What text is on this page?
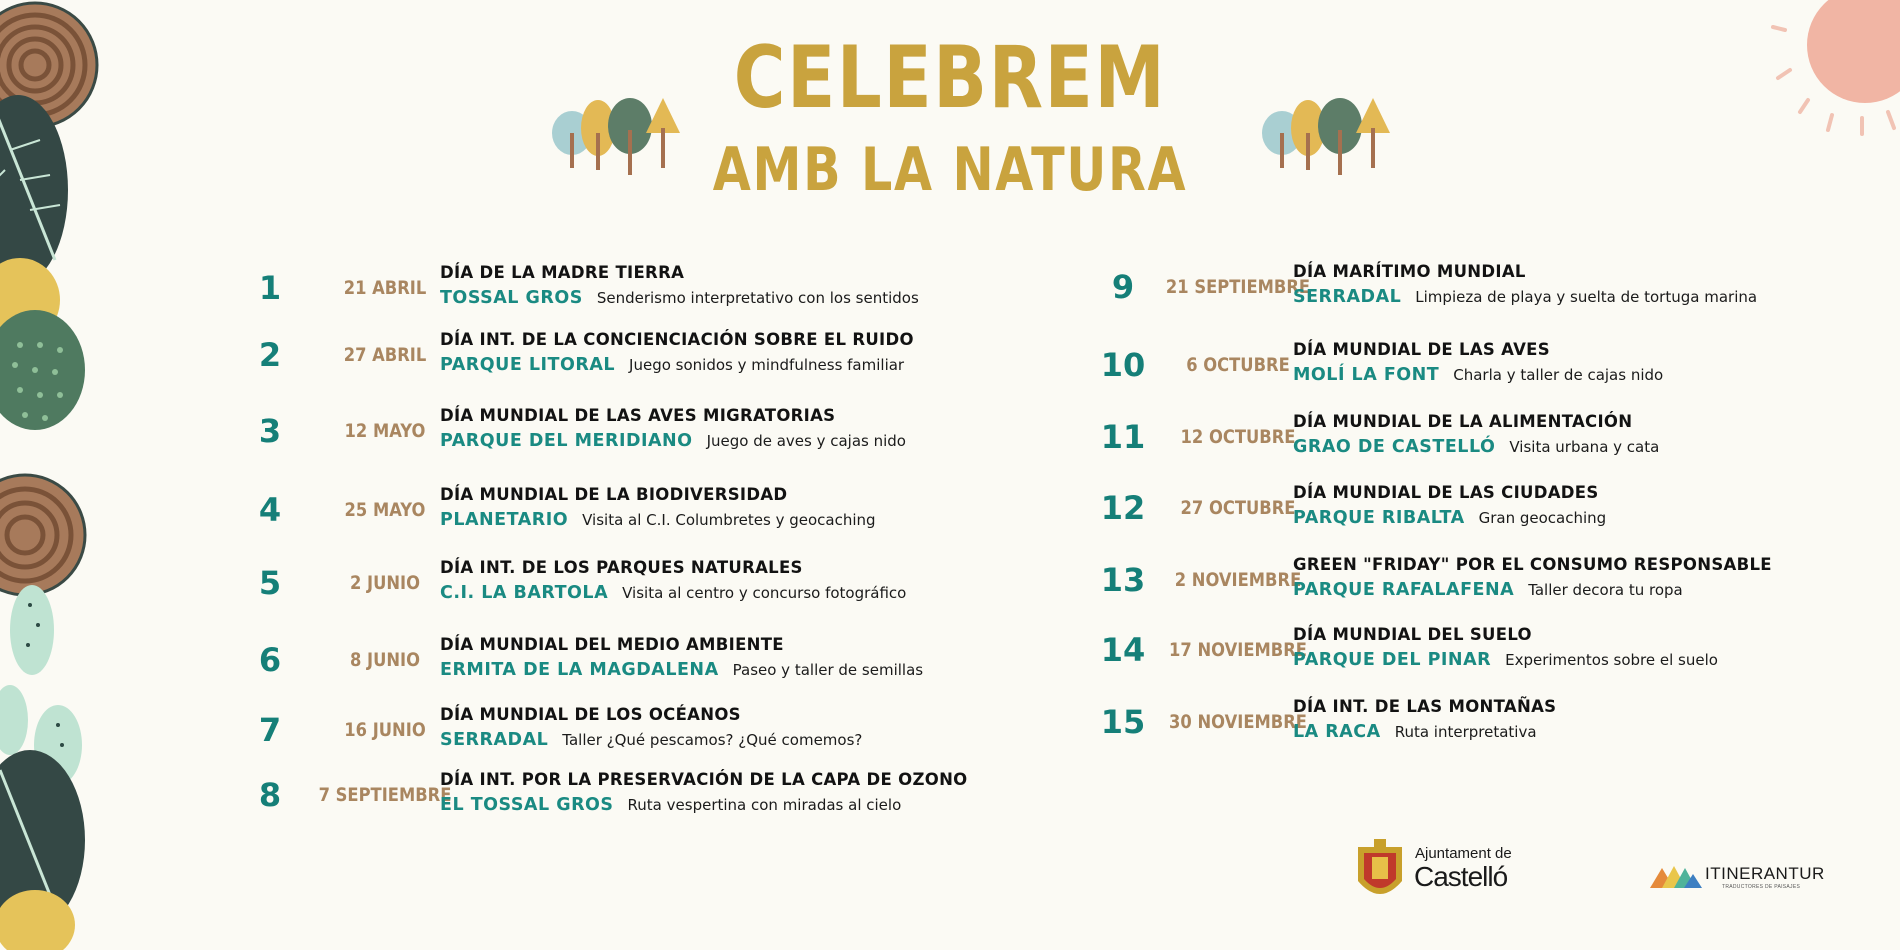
CELEBREM
AMB LA NATURA
1	21 ABRIL
DÍA DE LA MADRE TIERRA
TOSSAL GROS Senderismo interpretativo con los sentidos
2	27 ABRIL
DÍA INT. DE LA CONCIENCIACIÓN SOBRE EL RUIDO
PARQUE LITORAL Juego sonidos y mindfulness familiar
3	12 MAYO
DÍA MUNDIAL DE LAS AVES MIGRATORIAS
PARQUE DEL MERIDIANO Juego de aves y cajas nido
4	25 MAYO
DÍA MUNDIAL DE LA BIODIVERSIDAD
PLANETARIO Visita al C.I. Columbretes y geocaching
5	2 JUNIO
DÍA INT. DE LOS PARQUES NATURALES
C.I. LA BARTOLA Visita al centro y concurso fotográfico
6	8 JUNIO
DÍA MUNDIAL DEL MEDIO AMBIENTE
ERMITA DE LA MAGDALENA Paseo y taller de semillas
7	16 JUNIO
DÍA MUNDIAL DE LOS OCÉANOS
SERRADAL Taller ¿Qué pescamos? ¿Qué comemos?
8	7 SEPTIEMBRE
DÍA INT. POR LA PRESERVACIÓN DE LA CAPA DE OZONO
EL TOSSAL GROS Ruta vespertina con miradas al cielo
9	21 SEPTIEMBRE
DÍA MARÍTIMO MUNDIAL
SERRADAL Limpieza de playa y suelta de tortuga marina
10	6 OCTUBRE
DÍA MUNDIAL DE LAS AVES
MOLÍ LA FONT Charla y taller de cajas nido
11	12 OCTUBRE
DÍA MUNDIAL DE LA ALIMENTACIÓN
GRAO DE CASTELLÓ Visita urbana y cata
12	27 OCTUBRE
DÍA MUNDIAL DE LAS CIUDADES
PARQUE RIBALTA Gran geocaching
13	2 NOVIEMBRE
GREEN "FRIDAY" POR EL CONSUMO RESPONSABLE
PARQUE RAFALAFENA Taller decora tu ropa
14	17 NOVIEMBRE
DÍA MUNDIAL DEL SUELO
PARQUE DEL PINAR Experimentos sobre el suelo
15	30 NOVIEMBRE
DÍA INT. DE LAS MONTAÑAS
LA RACA Ruta interpretativa
Ajuntament de
Castelló	ITINERANTUR
TRADUCTORES DE PAISAJES
